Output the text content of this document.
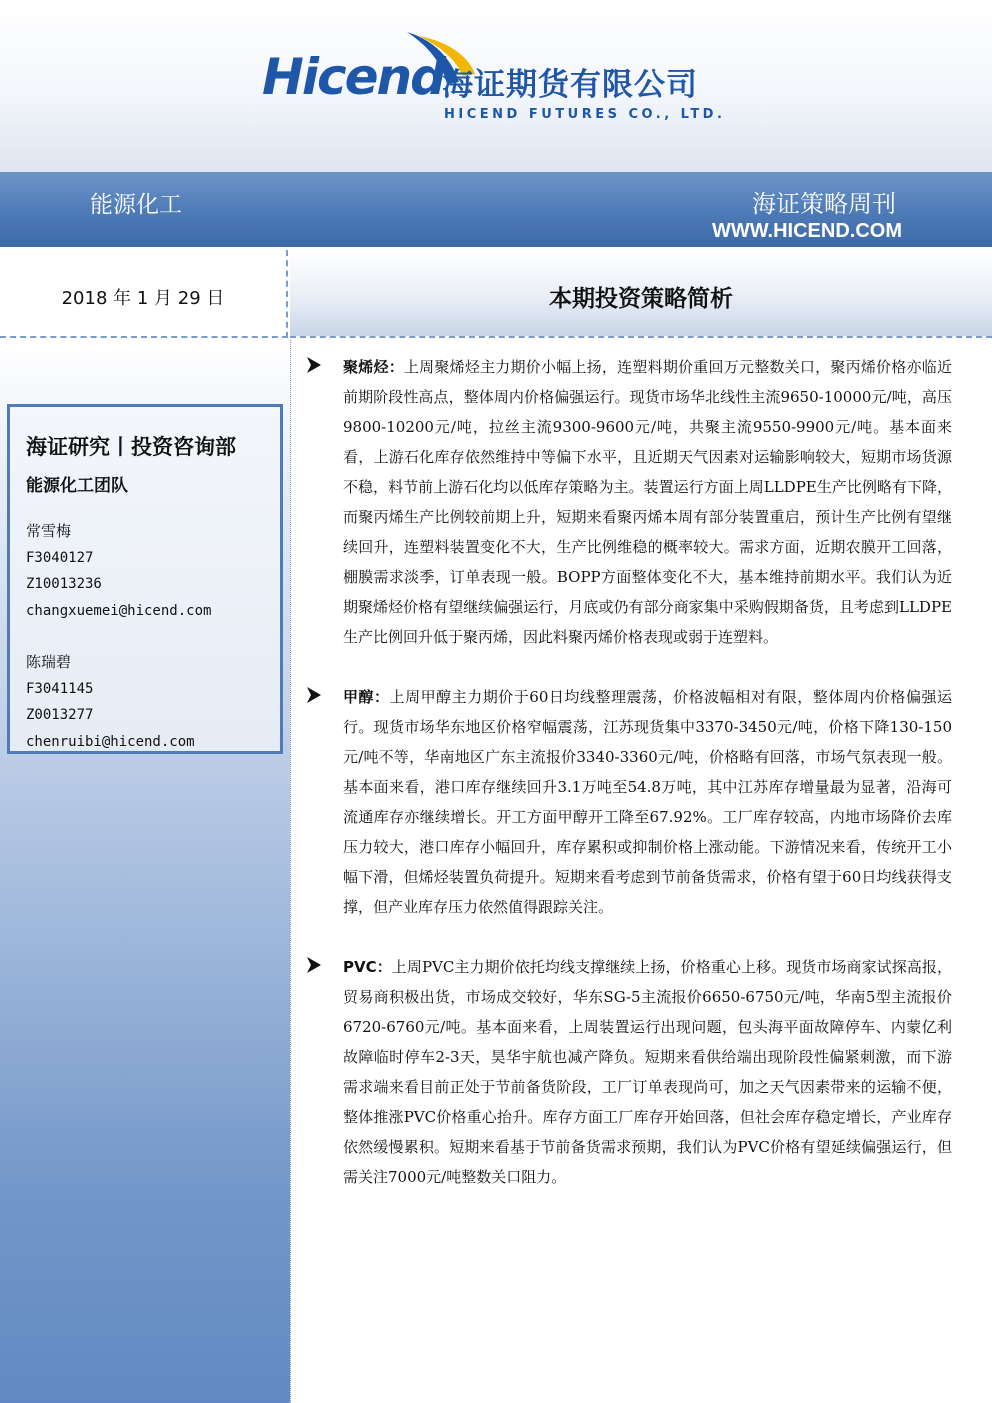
Hicend
海证期货有限公司
HICEND FUTURES CO., LTD.
能源化工	海证策略周刊
WWW.HICEND.COM
2018 年 1 月 29 日	本期投资策略简析
海证研究丨投资咨询部
能源化工团队
常雪梅
F3040127
Z10013236
changxuemei@hicend.com
陈瑞碧
F3041145
Z0013277
chenruibi@hicend.com

聚烯烃：上周聚烯烃主力期价小幅上扬，连塑料期价重回万元整数关口，聚丙烯价格亦临近前期阶段性高点，整体周内价格偏强运行。现货市场华北线性主流9650-10000元/吨，高压9800-10200元/吨，拉丝主流9300-9600元/吨，共聚主流9550-9900元/吨。基本面来看，上游石化库存依然维持中等偏下水平，且近期天气因素对运输影响较大，短期市场货源不稳，料节前上游石化均以低库存策略为主。装置运行方面上周LLDPE生产比例略有下降，而聚丙烯生产比例较前期上升，短期来看聚丙烯本周有部分装置重启，预计生产比例有望继续回升，连塑料装置变化不大，生产比例维稳的概率较大。需求方面，近期农膜开工回落，棚膜需求淡季，订单表现一般。BOPP方面整体变化不大，基本维持前期水平。我们认为近期聚烯烃价格有望继续偏强运行，月底或仍有部分商家集中采购假期备货，且考虑到LLDPE生产比例回升低于聚丙烯，因此料聚丙烯价格表现或弱于连塑料。

甲醇：上周甲醇主力期价于60日均线整理震荡，价格波幅相对有限，整体周内价格偏强运行。现货市场华东地区价格窄幅震荡，江苏现货集中3370-3450元/吨，价格下降130-150元/吨不等，华南地区广东主流报价3340-3360元/吨，价格略有回落，市场气氛表现一般。基本面来看，港口库存继续回升3.1万吨至54.8万吨，其中江苏库存增量最为显著，沿海可流通库存亦继续增长。开工方面甲醇开工降至67.92%。工厂库存较高，内地市场降价去库压力较大，港口库存小幅回升，库存累积或抑制价格上涨动能。下游情况来看，传统开工小幅下滑，但烯烃装置负荷提升。短期来看考虑到节前备货需求，价格有望于60日均线获得支撑，但产业库存压力依然值得跟踪关注。

PVC：上周PVC主力期价依托均线支撑继续上扬，价格重心上移。现货市场商家试探高报，贸易商积极出货，市场成交较好，华东SG-5主流报价6650-6750元/吨，华南5型主流报价6720-6760元/吨。基本面来看，上周装置运行出现问题，包头海平面故障停车、内蒙亿利故障临时停车2-3天，昊华宇航也减产降负。短期来看供给端出现阶段性偏紧刺激，而下游需求端来看目前正处于节前备货阶段，工厂订单表现尚可，加之天气因素带来的运输不便，整体推涨PVC价格重心抬升。库存方面工厂库存开始回落，但社会库存稳定增长，产业库存依然缓慢累积。短期来看基于节前备货需求预期，我们认为PVC价格有望延续偏强运行，但需关注7000元/吨整数关口阻力。
